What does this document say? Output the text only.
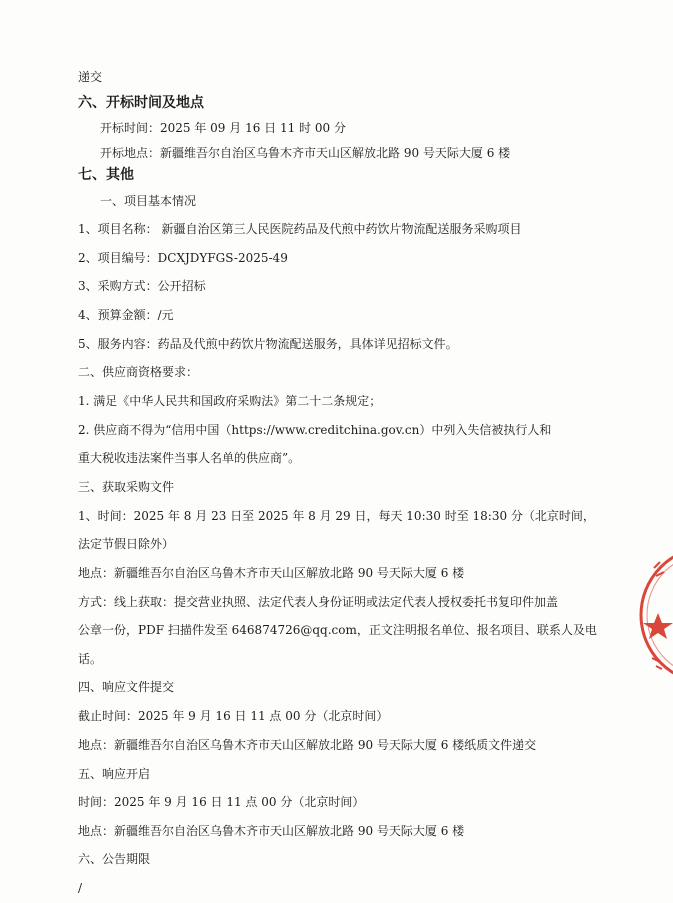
递交
六、开标时间及地点
开标时间：2025 年 09 月 16 日 11 时 00 分
开标地点：新疆维吾尔自治区乌鲁木齐市天山区解放北路 90 号天际大厦 6 楼
七、其他
一、项目基本情况
1、项目名称： 新疆自治区第三人民医院药品及代煎中药饮片物流配送服务采购项目
2、项目编号：DCXJDYFGS-2025-49
3、采购方式：公开招标
4、预算金额：/元
5、服务内容：药品及代煎中药饮片物流配送服务，具体详见招标文件。
二、供应商资格要求：
1. 满足《中华人民共和国政府采购法》第二十二条规定；
2. 供应商不得为“信用中国（https://www.creditchina.gov.cn）中列入失信被执行人和
重大税收违法案件当事人名单的供应商”。
三、获取采购文件
1、时间：2025 年 8 月 23 日至 2025 年 8 月 29 日，每天 10:30 时至 18:30 分（北京时间，
法定节假日除外）
地点：新疆维吾尔自治区乌鲁木齐市天山区解放北路 90 号天际大厦 6 楼
方式：线上获取：提交营业执照、法定代表人身份证明或法定代表人授权委托书复印件加盖
公章一份，PDF 扫描件发至 646874726@qq.com，正文注明报名单位、报名项目、联系人及电
话。
四、响应文件提交
截止时间：2025 年 9 月 16 日 11 点 00 分（北京时间）
地点：新疆维吾尔自治区乌鲁木齐市天山区解放北路 90 号天际大厦 6 楼纸质文件递交
五、响应开启
时间：2025 年 9 月 16 日 11 点 00 分（北京时间）
地点：新疆维吾尔自治区乌鲁木齐市天山区解放北路 90 号天际大厦 6 楼
六、公告期限
/
